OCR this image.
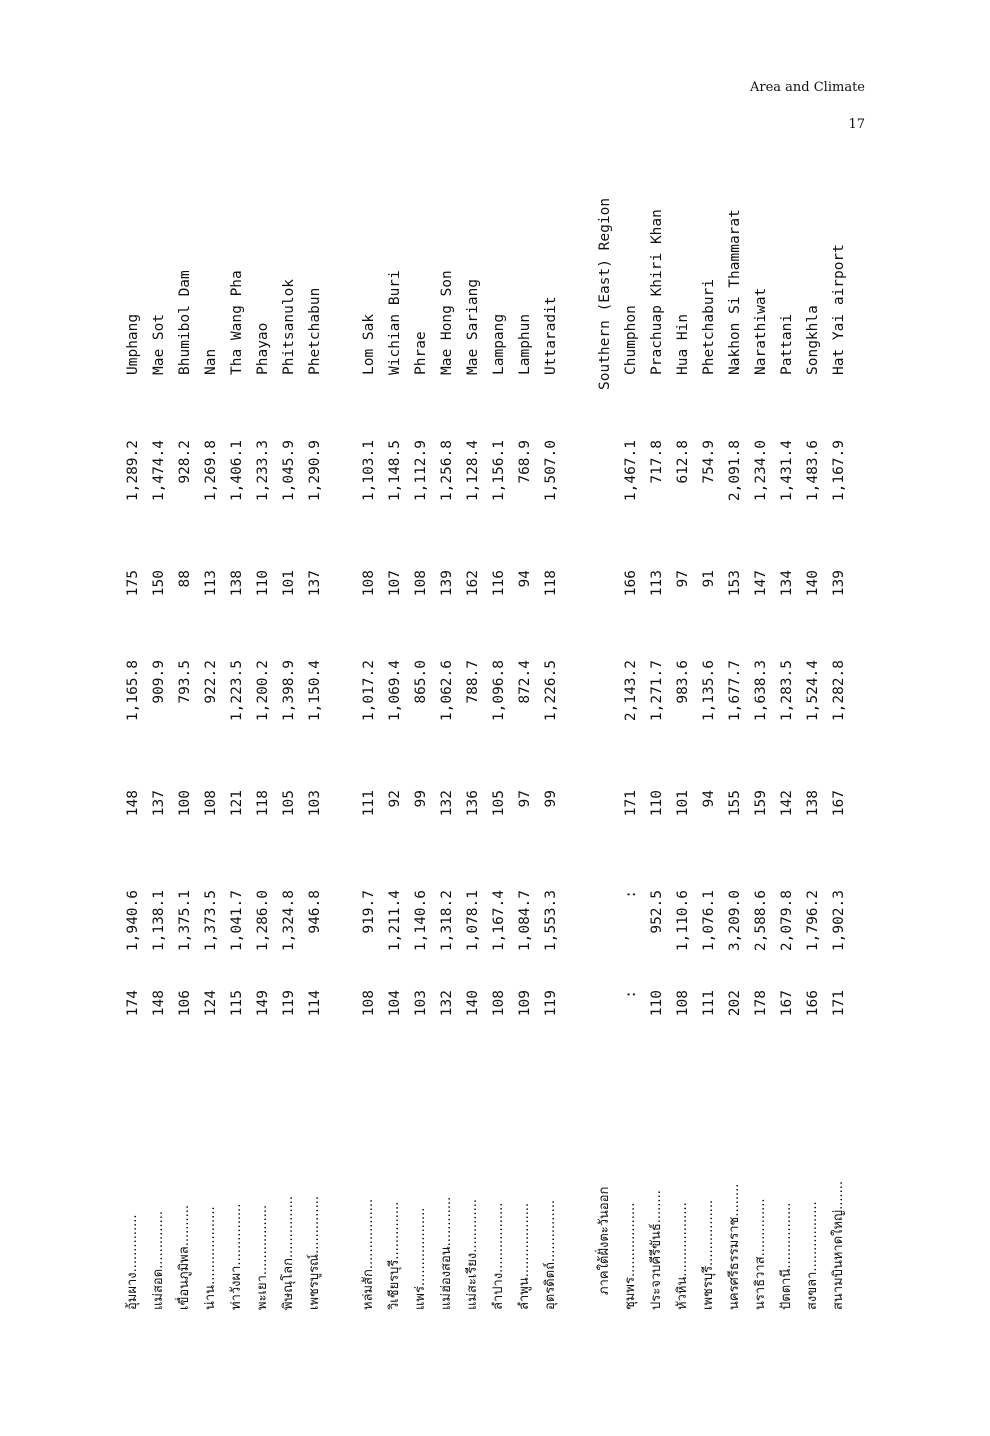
Area and Climate
17
อุ้มผาง..............
174
1,940.6
148
1,165.8
175
1,289.2
Umphang
แม่สอด..............
148
1,138.1
137
909.9
150
1,474.4
Mae Sot
เขื่อนภูมิพล..........
106
1,375.1
100
793.5
88
928.2
Bhumibol Dam
น่าน...................
124
1,373.5
108
922.2
113
1,269.8
Nan
ท่าวังผา...............
115
1,041.7
121
1,223.5
138
1,406.1
Tha Wang Pha
พะเยา.................
149
1,286.0
118
1,200.2
110
1,233.3
Phayao
พิษณุโลก...............
119
1,324.8
105
1,398.9
101
1,045.9
Phitsanulok
เพชรบูรณ์..............
114
946.8
103
1,150.4
137
1,290.9
Phetchabun
หล่มสัก.................
108
919.7
111
1,017.2
108
1,103.1
Lom Sak
วิเชียรบุรี..............
104
1,211.4
92
1,069.4
107
1,148.5
Wichian Buri
แพร่...................
103
1,140.6
99
865.0
108
1,112.9
Phrae
แม่ฮ่องสอน............
132
1,318.2
132
1,062.6
139
1,256.8
Mae Hong Son
แม่สะเรียง.............
140
1,078.1
136
788.7
162
1,128.4
Mae Sariang
ลำปาง.................
108
1,167.4
105
1,096.8
116
1,156.1
Lampang
ลำพูน..................
109
1,084.7
97
872.4
94
768.9
Lamphun
อุตรดิตถ์...............
119
1,553.3
99
1,226.5
118
1,507.0
Uttaradit
ภาคใต้ฝั่งตะวันออก
Southern (East) Region
ชุมพร..................
:
:
171
2,143.2
166
1,467.1
Chumphon
ประจวบคีรีขันธ์........
110
952.5
110
1,271.7
113
717.8
Prachuap Khiri Khan
หัวหิน..................
108
1,110.6
101
983.6
97
612.8
Hua Hin
เพชรบุรี................
111
1,076.1
94
1,135.6
91
754.9
Phetchaburi
นครศรีธรรมราช........
202
3,209.0
155
1,677.7
153
2,091.8
Nakhon Si Thammarat
นราธิวาส..............
178
2,588.6
159
1,638.3
147
1,234.0
Narathiwat
ปัตตานี................
167
2,079.8
142
1,283.5
134
1,431.4
Pattani
สงขลา.................
166
1,796.2
138
1,524.4
140
1,483.6
Songkhla
สนามบินหาดใหญ่.......
171
1,902.3
167
1,282.8
139
1,167.9
Hat Yai airport
